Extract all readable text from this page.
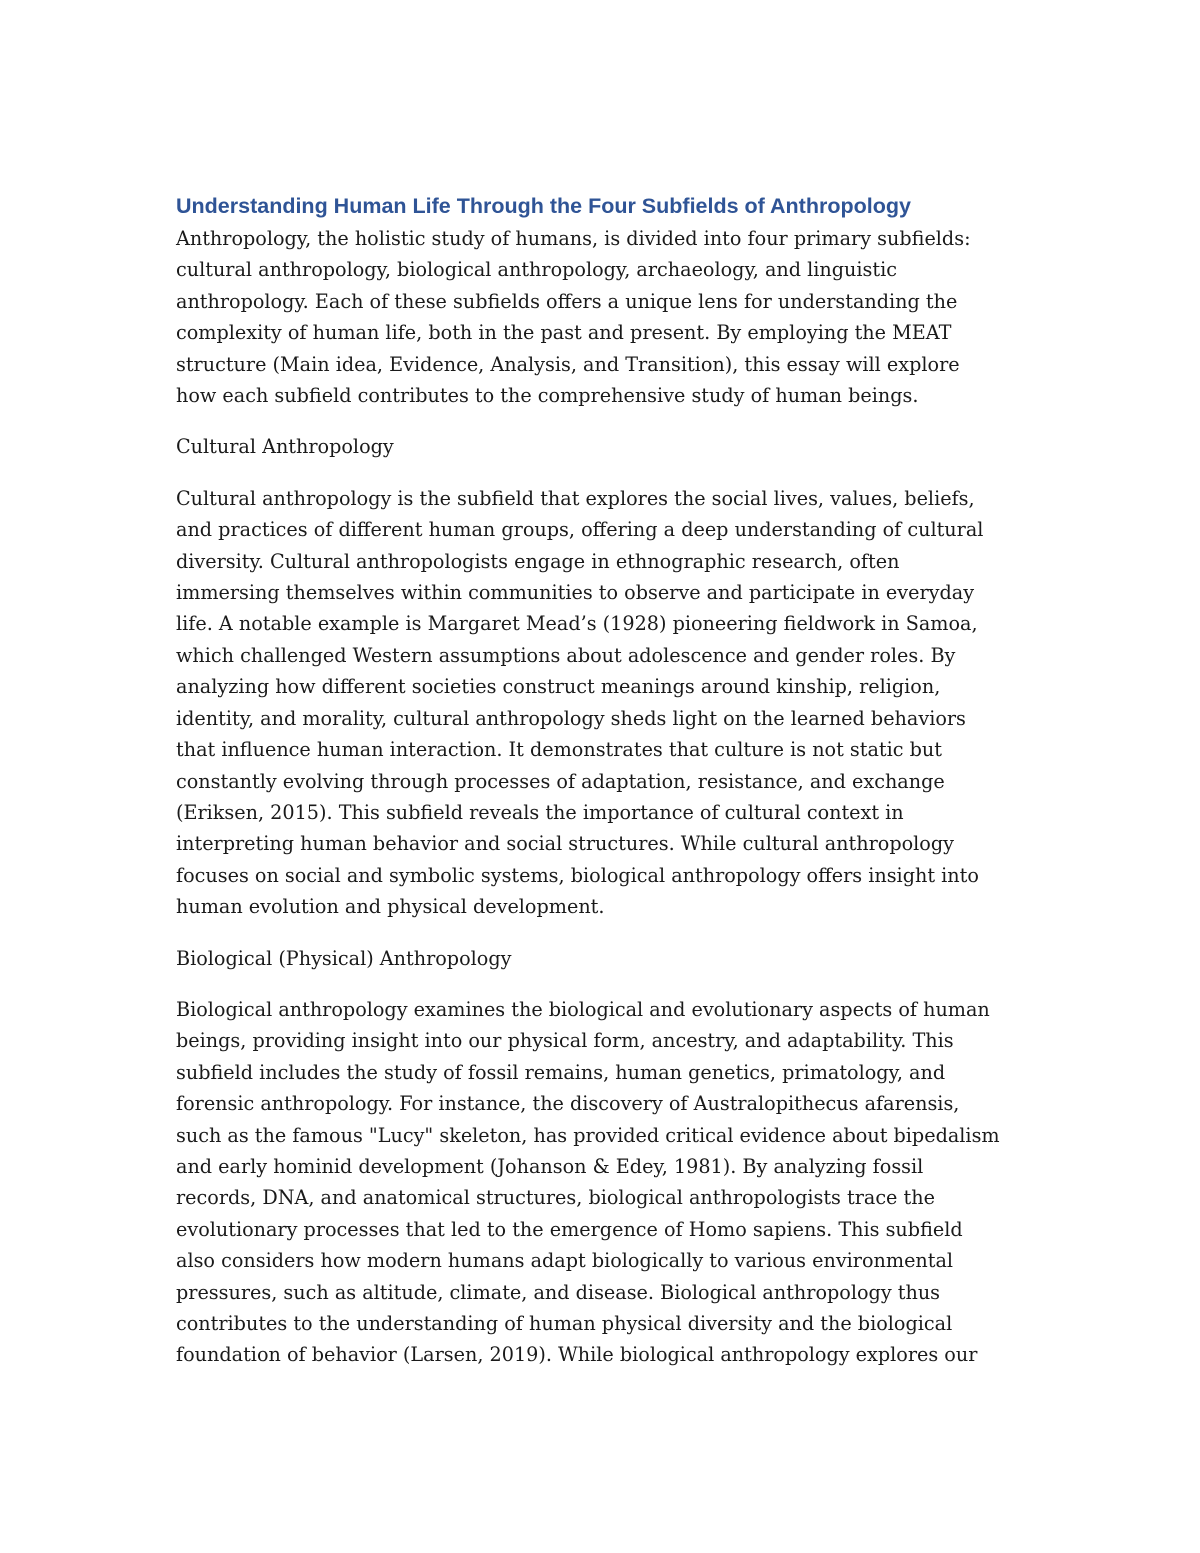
Understanding Human Life Through the Four Subfields of Anthropology
Anthropology, the holistic study of humans, is divided into four primary subfields:
cultural anthropology, biological anthropology, archaeology, and linguistic
anthropology. Each of these subfields offers a unique lens for understanding the
complexity of human life, both in the past and present. By employing the MEAT
structure (Main idea, Evidence, Analysis, and Transition), this essay will explore
how each subfield contributes to the comprehensive study of human beings.
Cultural Anthropology
Cultural anthropology is the subfield that explores the social lives, values, beliefs,
and practices of different human groups, offering a deep understanding of cultural
diversity. Cultural anthropologists engage in ethnographic research, often
immersing themselves within communities to observe and participate in everyday
life. A notable example is Margaret Mead’s (1928) pioneering fieldwork in Samoa,
which challenged Western assumptions about adolescence and gender roles. By
analyzing how different societies construct meanings around kinship, religion,
identity, and morality, cultural anthropology sheds light on the learned behaviors
that influence human interaction. It demonstrates that culture is not static but
constantly evolving through processes of adaptation, resistance, and exchange
(Eriksen, 2015). This subfield reveals the importance of cultural context in
interpreting human behavior and social structures. While cultural anthropology
focuses on social and symbolic systems, biological anthropology offers insight into
human evolution and physical development.
Biological (Physical) Anthropology
Biological anthropology examines the biological and evolutionary aspects of human
beings, providing insight into our physical form, ancestry, and adaptability. This
subfield includes the study of fossil remains, human genetics, primatology, and
forensic anthropology. For instance, the discovery of Australopithecus afarensis,
such as the famous "Lucy" skeleton, has provided critical evidence about bipedalism
and early hominid development (Johanson & Edey, 1981). By analyzing fossil
records, DNA, and anatomical structures, biological anthropologists trace the
evolutionary processes that led to the emergence of Homo sapiens. This subfield
also considers how modern humans adapt biologically to various environmental
pressures, such as altitude, climate, and disease. Biological anthropology thus
contributes to the understanding of human physical diversity and the biological
foundation of behavior (Larsen, 2019). While biological anthropology explores our
